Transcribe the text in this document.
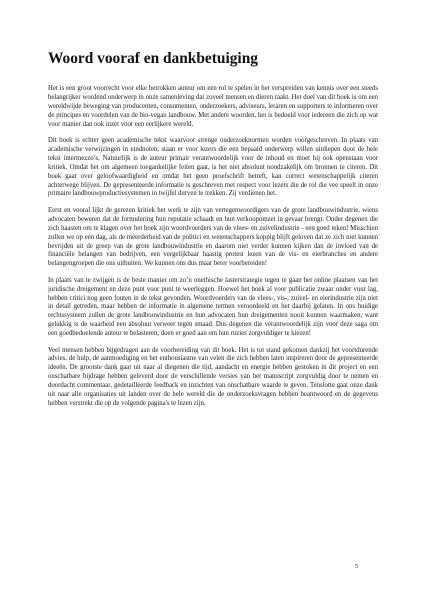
Woord vooraf en dankbetuiging

Het is een groot voorrecht voor elke betrokken auteur om een rol te spelen in het verspreiden van kennis over een steeds belangrijker wordend onderwerp in onze samenleving dat zoveel mensen en dieren raakt. Het doel van dit boek is om een wereldwijde beweging van producenten, consumenten, onderzoekers, adviseurs, leraren en supporters te informeren over de principes en voordelen van de bio-vegan landbouw. Met andere woorden, het is bedoeld voor iedereen die zich op wat voor manier dan ook inzet voor een eerlijkere wereld.

Dit boek is echter geen academische tekst waarvoor strenge onderzoeknormen worden voorgeschreven. In plaats van academische verwijzingen in eindnoten, staan er voor lezers die een bepaald onderwerp willen uitdiepen door de hele tekst intermezzo’s. Natuurlijk is de auteur primair verantwoordelijk voor de inhoud en moet hij ook openstaan voor kritiek. Omdat het om algemeen toegankelijke feiten gaat, is het niet absoluut noodzakelijk om bronnen te citeren. Dit boek gaat over geloofwaardigheid en omdat het geen proefschrift betreft, kan correct wetenschappelijk citeren achterwege blijven. De gepresenteerde informatie is geschreven met respect voor lezers die de rol die vee speelt in onze primaire landbouwproductiesystemen in twijfel durven te trekken. Zij verdienen het.

Eerst en vooral lijkt de gerezen kritiek het werk te zijn van vertegenwoordigers van de grote landbouwindustrie, wiens advocaten beweren dat de formulering hun reputatie schaadt en hun verkoopomzet in gevaar brengt. Onder degenen die zich haasten om te klagen over het boek zijn woordvoerders van de vlees- en zuivelindustrie - een goed teken! Misschien zullen we op een dag, als de meerderheid van de politici en wetenschappers koppig blijft geloven dat ze zich niet kunnen bevrijden uit de greep van de grote landbouwindustrie en daarom niet verder kunnen kijken dan de invloed van de financiële belangen van bedrijven, een vergelijkbaar haastig protest lezen van de vis- en eierbranches en andere belangengroepen die ons uitbuiten. We kunnen ons dus maar beter voorbereiden!

In plaats van te zwijgen is de beste manier om zo’n onethische lasterstrategie tegen te gaan het online plaatsen van het juridische dreigement en deze punt voor punt te weerleggen. Hoewel het boek al voor publicatie zwaar onder vuur lag, hebben critici nog geen fouten in de tekst gevonden. Woordvoerders van de vlees-, vis-, zuivel- en eierindustrie zijn niet in detail getreden, maar hebben de informatie in algemene termen veroordeeld en het daarbij gelaten. In ons huidige rechtssysteem zullen de grote landbouwindustrie en hun advocaten hun dreigementen nooit kunnen waarmaken, want gelukkig is de waarheid een absoluut verweer tegen smaad. Dus degenen die verantwoordelijk zijn voor deze saga om een goedbedoelende auteur te belasteren, doen er goed aan om hun ruzies zorgvuldiger te kiezen!

Veel mensen hebben bijgedragen aan de voorbereiding van dit boek. Het is tot stand gekomen dankzij het voortdurende advies, de hulp, de aanmoediging en het enthousiasme van velen die zich hebben laten inspireren door de gepresenteerde ideeën. De grootste dank gaat uit naar al diegenen die tijd, aandacht en energie hebben gestoken in dit project en een onschatbare bijdrage hebben geleverd door de verschillende versies van het manuscript zorgvuldig door te nemen en doordacht commentaar, gedetailleerde feedback en inzichten van onschatbare waarde te geven. Tenslotte gaat onze dank uit naar alle organisaties uit landen over de hele wereld die de onderzoeksvragen hebben beantwoord en de gegevens hebben verstrekt die op de volgende pagina's te lezen zijn.

5
